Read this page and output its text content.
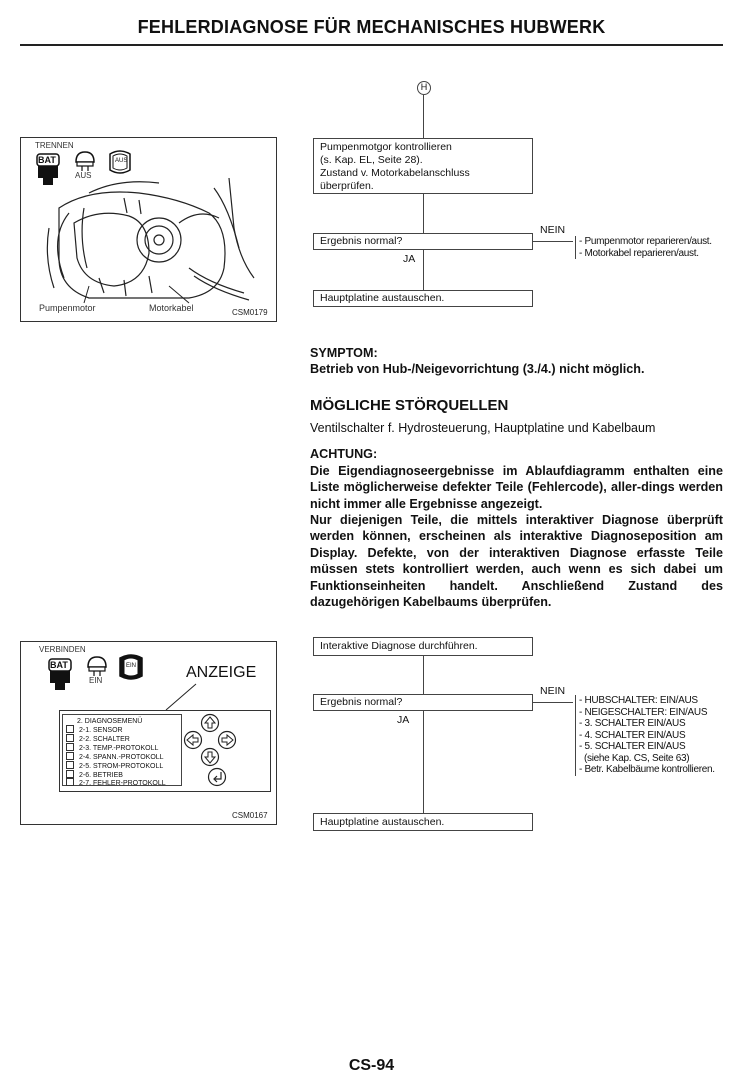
FEHLERDIAGNOSE FÜR MECHANISCHES HUBWERK
TRENNEN
BAT
AUS
AUS
Pumpenmotor	Motorkabel	CSM0179
H
Pumpenmotgor kontrollieren
(s. Kap. EL, Seite 28).
Zustand v. Motorkabelanschluss
überprüfen.
Ergebnis normal?
NEIN
- Pumpenmotor reparieren/aust.
- Motorkabel reparieren/aust.
JA
Hauptplatine austauschen.
SYMPTOM:
Betrieb von Hub-/Neigevorrichtung (3./4.) nicht möglich.
MÖGLICHE STÖRQUELLEN
Ventilschalter f. Hydrosteuerung, Hauptplatine und Kabelbaum
ACHTUNG:
Die Eigendiagnoseergebnisse im Ablaufdiagramm enthalten eine Liste möglicherweise defekter Teile (Fehlercode), aller-dings werden nicht immer alle Ergebnisse angezeigt.
Nur diejenigen Teile, die mittels interaktiver Diagnose überprüft werden können, erscheinen als interaktive Diagnoseposition am Display. Defekte, von der interaktiven Diagnose erfasste Teile müssen stets kontrolliert werden, auch wenn es sich dabei um Funktionseinheiten handelt. Anschließend Zustand des dazugehörigen Kabelbaums überprüfen.
VERBINDEN
BAT
EIN
EIN	ANZEIGE
2. DIAGNOSEMENÜ
2-1. SENSOR
2-2. SCHALTER
2-3. TEMP.-PROTOKOLL
2-4. SPANN.-PROTOKOLL
2-5. STROM-PROTOKOLL
2-6. BETRIEB
2-7. FEHLER-PROTOKOLL
CSM0167
Interaktive Diagnose durchführen.
Ergebnis normal?
NEIN
- HUBSCHALTER: EIN/AUS
- NEIGESCHALTER: EIN/AUS
- 3. SCHALTER EIN/AUS
- 4. SCHALTER EIN/AUS
- 5. SCHALTER EIN/AUS
(siehe Kap. CS, Seite 63)
- Betr. Kabelbäume kontrollieren.
JA
Hauptplatine austauschen.
CS-94
